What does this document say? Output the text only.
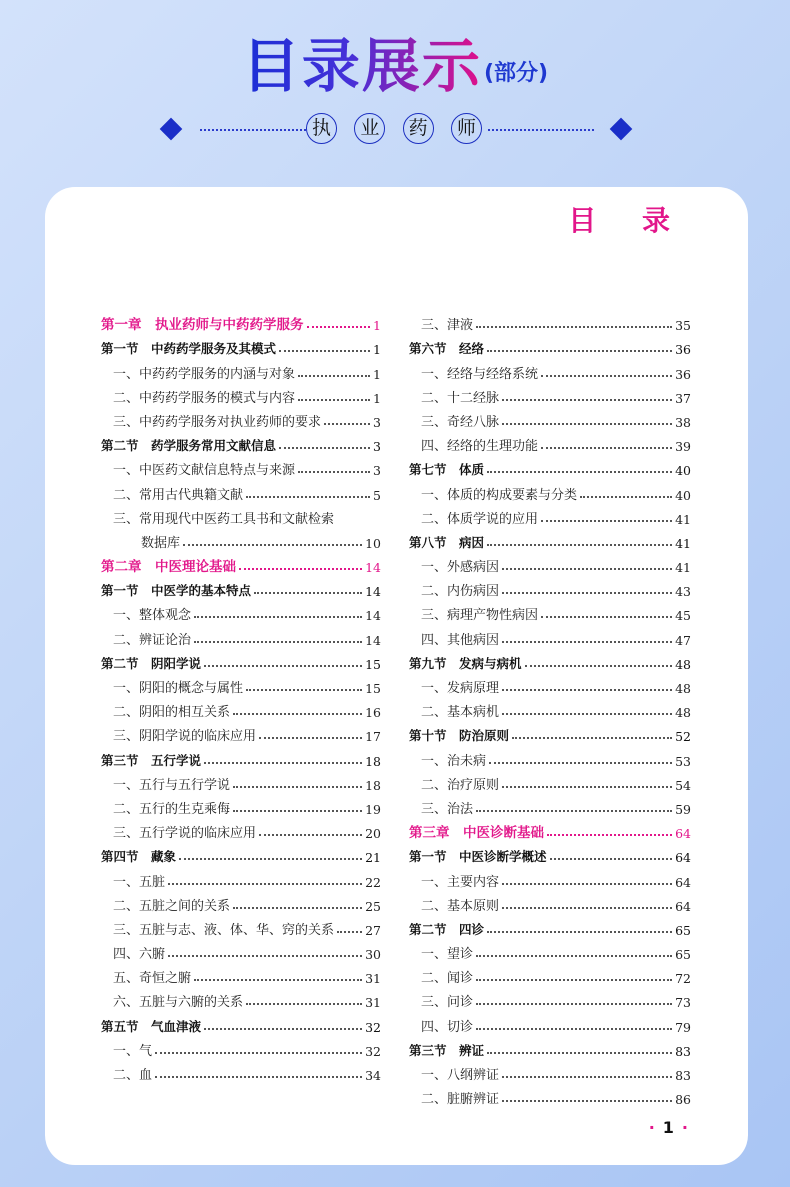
目录展示(部分)
执	业	药	师
目 录
第一章　执业药师与中药药学服务	1
第一节　中药药学服务及其模式	1
一、中药药学服务的内涵与对象	1
二、中药药学服务的模式与内容	1
三、中药药学服务对执业药师的要求	3
第二节　药学服务常用文献信息	3
一、中医药文献信息特点与来源	3
二、常用古代典籍文献	5
三、常用现代中医药工具书和文献检索
数据库	10
第二章　中医理论基础	14
第一节　中医学的基本特点	14
一、整体观念	14
二、辨证论治	14
第二节　阴阳学说	15
一、阴阳的概念与属性	15
二、阴阳的相互关系	16
三、阴阳学说的临床应用	17
第三节　五行学说	18
一、五行与五行学说	18
二、五行的生克乘侮	19
三、五行学说的临床应用	20
第四节　藏象	21
一、五脏	22
二、五脏之间的关系	25
三、五脏与志、液、体、华、窍的关系 27
四、六腑	30
五、奇恒之腑	31
六、五脏与六腑的关系	31
第五节　气血津液	32
一、气	32
二、血	34
三、津液	35
第六节　经络	36
一、经络与经络系统	36
二、十二经脉	37
三、奇经八脉	38
四、经络的生理功能	39
第七节　体质	40
一、体质的构成要素与分类	40
二、体质学说的应用	41
第八节　病因	41
一、外感病因	41
二、内伤病因	43
三、病理产物性病因	45
四、其他病因	47
第九节　发病与病机	48
一、发病原理	48
二、基本病机	48
第十节　防治原则	52
一、治未病	53
二、治疗原则	54
三、治法	59
第三章　中医诊断基础	64
第一节　中医诊断学概述	64
一、主要内容	64
二、基本原则	64
第二节　四诊	65
一、望诊	65
二、闻诊	72
三、问诊	73
四、切诊	79
第三节　辨证	83
一、八纲辨证	83
二、脏腑辨证	86
· 1 ·
